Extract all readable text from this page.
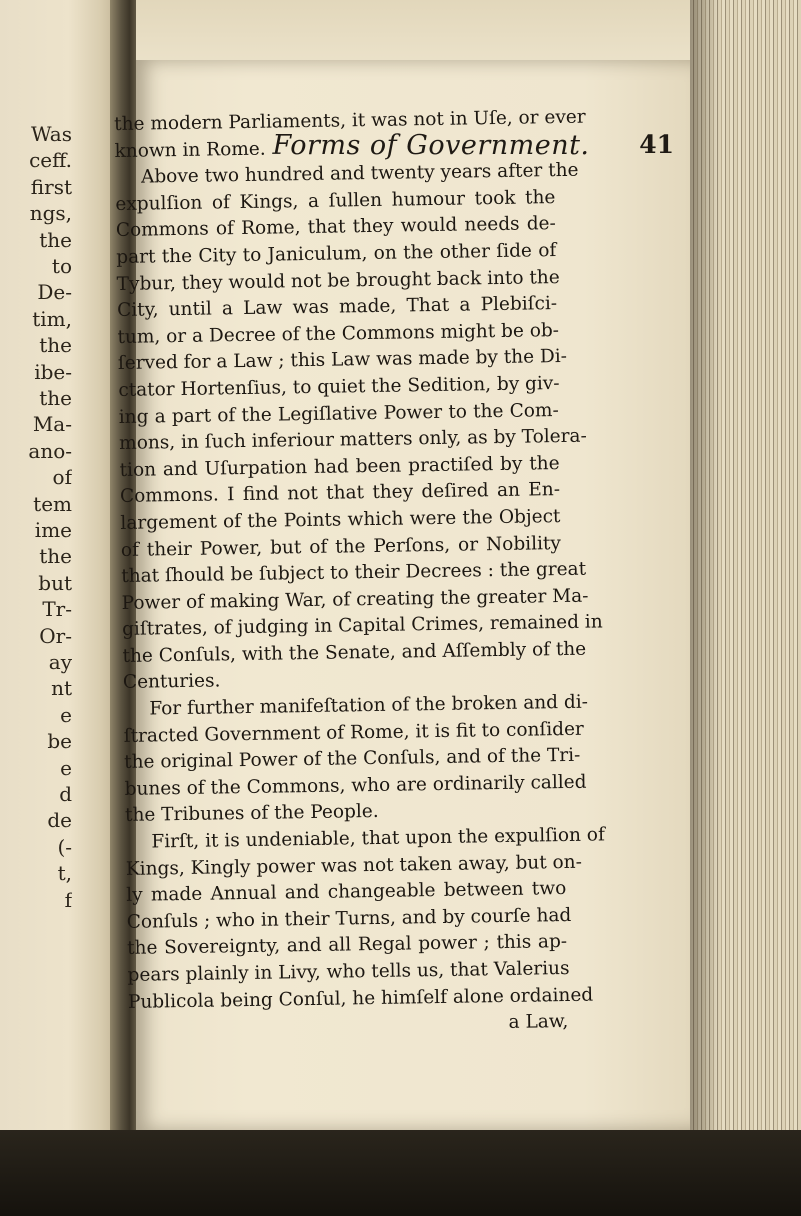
Was
ceff.
first
ngs,
the
to
De-
tim,
the
ibe-
the
Ma-
ano-
of
tem
ime
the
but
Tr-
Or-
ay
nt
e
be
e
d
de
(-
t,
f
Forms of Government.	41
the modern Parliaments, it was not in Uſe, or ever
known in Rome.
Above two hundred and twenty years after the
expulſion of Kings, a ſullen humour took the
Commons of Rome, that they would needs de-
part the City to Janiculum, on the other ſide of
Tybur, they would not be brought back into the
City, until a Law was made, That a Plebiſci-
tum, or a Decree of the Commons might be ob-
ſerved for a Law ; this Law was made by the Di-
ctator Hortenſius, to quiet the Sedition, by giv-
ing a part of the Legiſlative Power to the Com-
mons, in ſuch inferiour matters only, as by Tolera-
tion and Uſurpation had been practiſed by the
Commons. I find not that they deſired an En-
largement of the Points which were the Object
of their Power, but of the Perſons, or Nobility
that ſhould be ſubject to their Decrees : the great
Power of making War, of creating the greater Ma-
giſtrates, of judging in Capital Crimes, remained in
the Conſuls, with the Senate, and Aſſembly of the
Centuries.
For further manifeſtation of the broken and di-
ſtracted Government of Rome, it is fit to conſider
the original Power of the Conſuls, and of the Tri-
bunes of the Commons, who are ordinarily called
the Tribunes of the People.
Firſt, it is undeniable, that upon the expulſion of
Kings, Kingly power was not taken away, but on-
ly made Annual and changeable between two
Conſuls ; who in their Turns, and by courſe had
the Sovereignty, and all Regal power ; this ap-
pears plainly in Livy, who tells us, that Valerius
Publicola being Conſul, he himſelf alone ordained
a Law,
